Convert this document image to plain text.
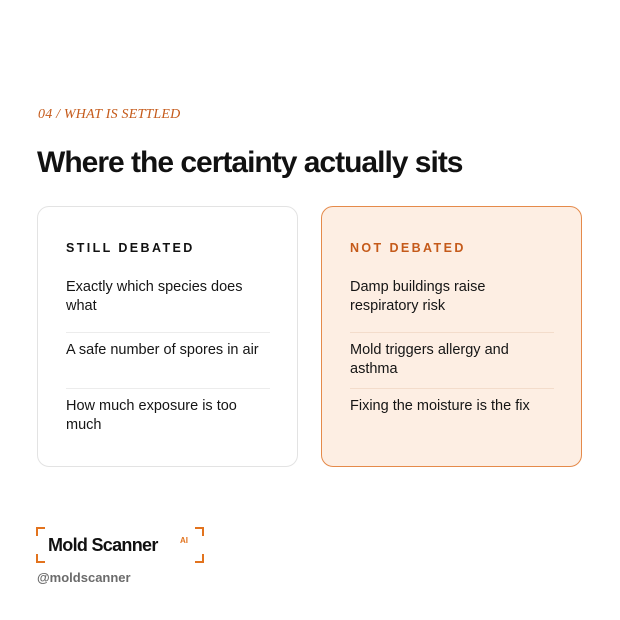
04 / WHAT IS SETTLED
Where the certainty actually sits
STILL DEBATED
Exactly which species does what
A safe number of spores in air
How much exposure is too much
NOT DEBATED
Damp buildings raise respiratory risk
Mold triggers allergy and asthma
Fixing the moisture is the fix
Mold Scanner	AI
@moldscanner
